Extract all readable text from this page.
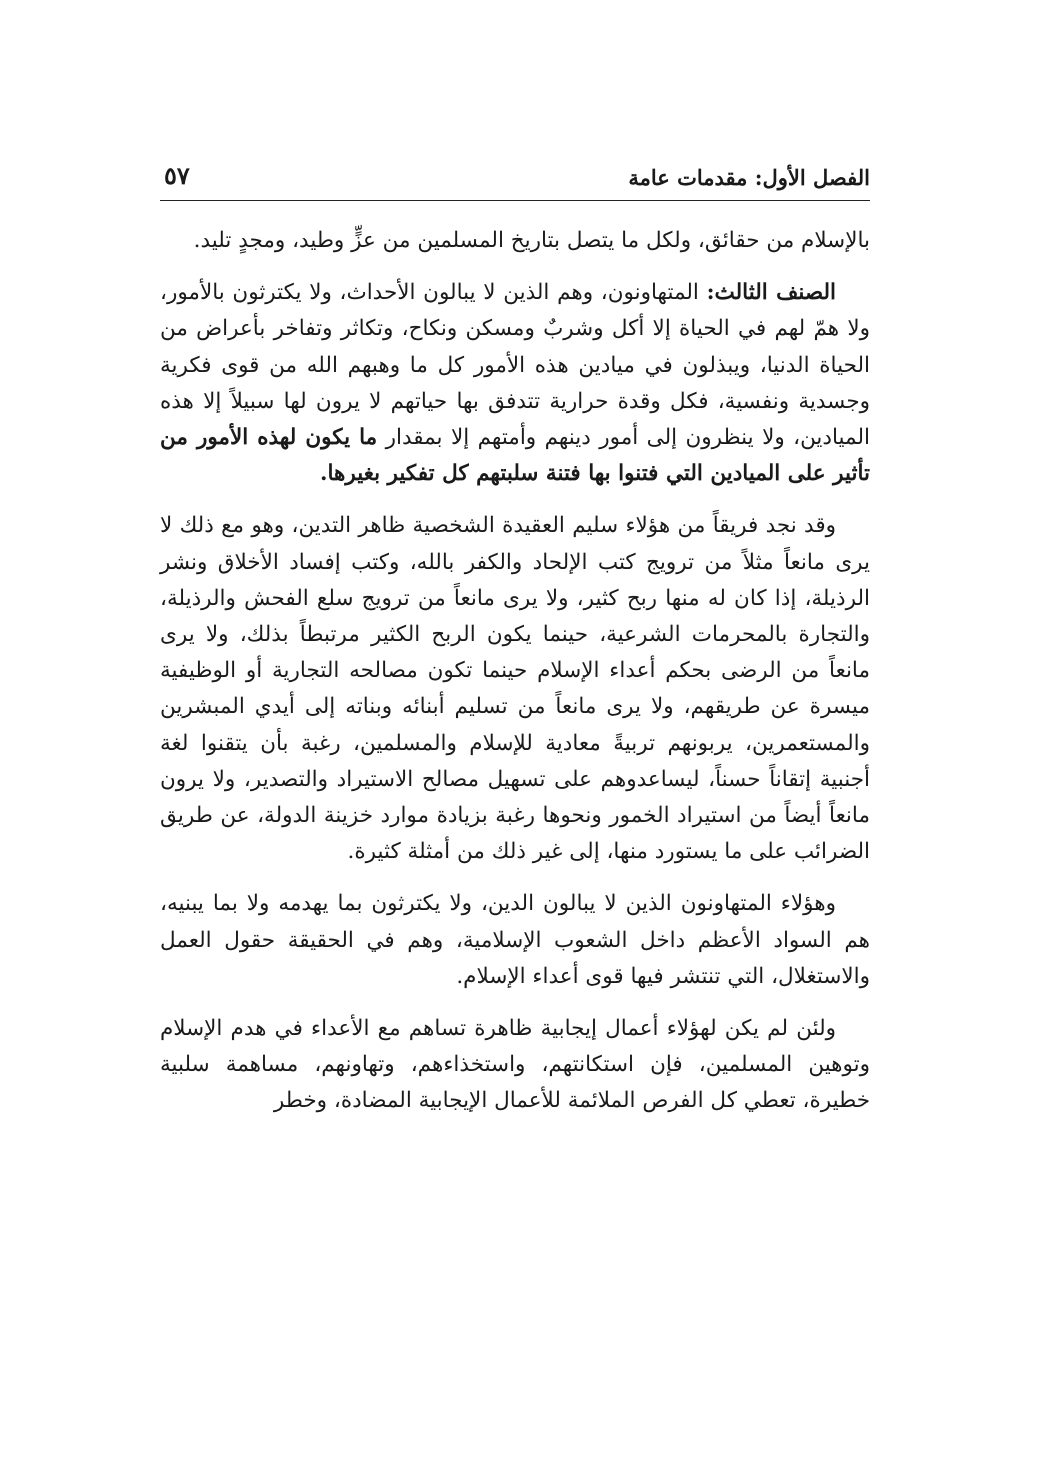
الفصل الأول: مقدمات عامة
٥٧

بالإسلام من حقائق، ولكل ما يتصل بتاريخ المسلمين من عزٍّ وطيد، ومجدٍ تليد.

الصنف الثالث: المتهاونون، وهم الذين لا يبالون الأحداث، ولا يكترثون بالأمور، ولا همّ لهم في الحياة إلا أكل وشربٌ ومسكن ونكاح، وتكاثر وتفاخر بأعراض من الحياة الدنيا، ويبذلون في ميادين هذه الأمور كل ما وهبهم الله من قوى فكرية وجسدية ونفسية، فكل وقدة حرارية تتدفق بها حياتهم لا يرون لها سبيلاً إلا هذه الميادين، ولا ينظرون إلى أمور دينهم وأمتهم إلا بمقدار ما يكون لهذه الأمور من تأثير على الميادين التي فتنوا بها فتنة سلبتهم كل تفكير بغيرها.

وقد نجد فريقاً من هؤلاء سليم العقيدة الشخصية ظاهر التدين، وهو مع ذلك لا يرى مانعاً مثلاً من ترويج كتب الإلحاد والكفر بالله، وكتب إفساد الأخلاق ونشر الرذيلة، إذا كان له منها ربح كثير، ولا يرى مانعاً من ترويج سلع الفحش والرذيلة، والتجارة بالمحرمات الشرعية، حينما يكون الربح الكثير مرتبطاً بذلك، ولا يرى مانعاً من الرضى بحكم أعداء الإسلام حينما تكون مصالحه التجارية أو الوظيفية ميسرة عن طريقهم، ولا يرى مانعاً من تسليم أبنائه وبناته إلى أيدي المبشرين والمستعمرين، يربونهم تربيةً معادية للإسلام والمسلمين، رغبة بأن يتقنوا لغة أجنبية إتقاناً حسناً، ليساعدوهم على تسهيل مصالح الاستيراد والتصدير، ولا يرون مانعاً أيضاً من استيراد الخمور ونحوها رغبة بزيادة موارد خزينة الدولة، عن طريق الضرائب على ما يستورد منها، إلى غير ذلك من أمثلة كثيرة.

وهؤلاء المتهاونون الذين لا يبالون الدين، ولا يكترثون بما يهدمه ولا بما يبنيه، هم السواد الأعظم داخل الشعوب الإسلامية، وهم في الحقيقة حقول العمل والاستغلال، التي تنتشر فيها قوى أعداء الإسلام.

ولئن لم يكن لهؤلاء أعمال إيجابية ظاهرة تساهم مع الأعداء في هدم الإسلام وتوهين المسلمين، فإن استكانتهم، واستخذاءهم، وتهاونهم، مساهمة سلبية خطيرة، تعطي كل الفرص الملائمة للأعمال الإيجابية المضادة، وخطر
